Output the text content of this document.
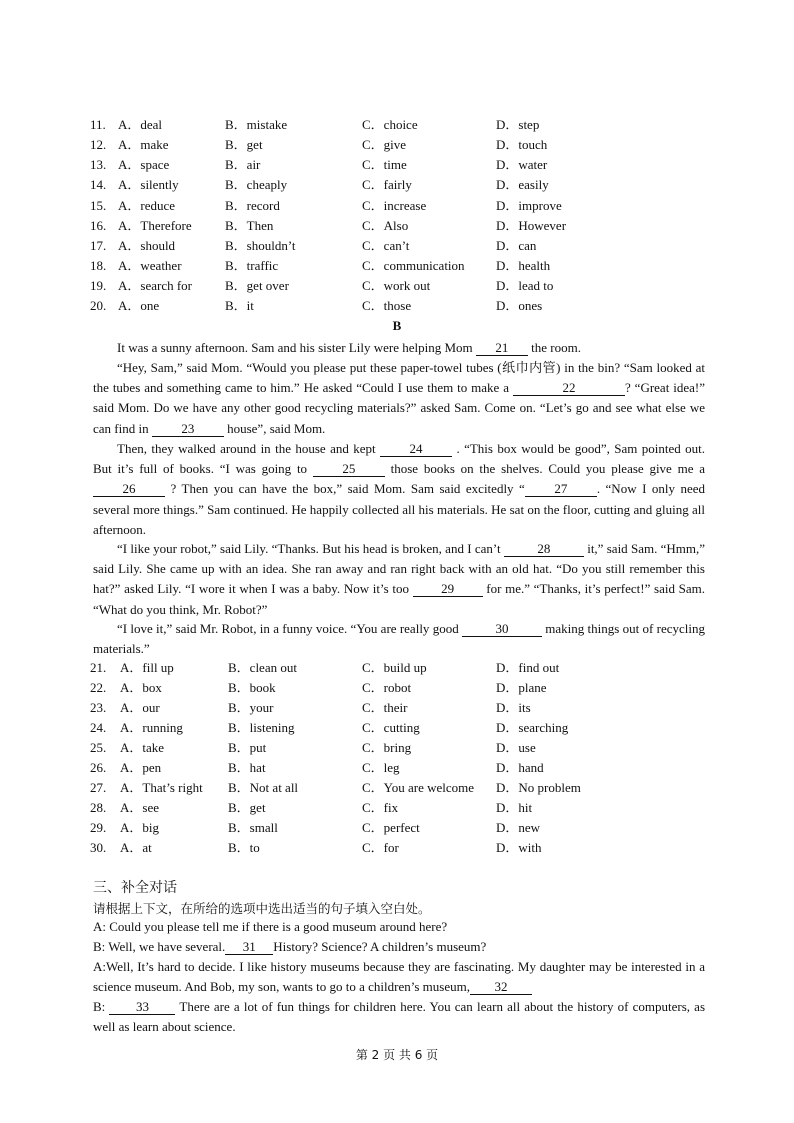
11. A．deal	B．mistake	C．choice	D．step
12. A．make	B．get	C．give	D．touch
13. A．space	B．air	C．time	D．water
14. A．silently	B．cheaply	C．fairly	D．easily
15. A．reduce	B．record	C．increase	D．improve
16. A．Therefore	B．Then	C．Also	D．However
17. A．should	B．shouldn’t	C．can’t	D．can
18. A．weather	B．traffic	C．communication D．health
19. A．search for	B．get over	C．work out	D．lead to
20. A．one	B．it	C．those	D．ones
B
It was a sunny afternoon. Sam and his sister Lily were helping Mom 21 the room.
“Hey, Sam,” said Mom. “Would you please put these paper-towel tubes (纸巾内管) in the bin? “Sam looked at the tubes and something came to him.” He asked “Could I use them to make a	22	? “Great idea!” said Mom. Do we have any other good recycling materials?” asked Sam. Come on. “Let’s go and see what else we can find in	23	house”, said Mom.
Then, they walked around in the house and kept	24	. “This box would be good”, Sam pointed out. But it’s full of books. “I was going to	25	those books on the shelves. Could you please give me a 26	? Then you can have the box,” said Mom. Sam said excitedly “ 27 . “Now I only need several more things.” Sam continued. He happily collected all his materials. He sat on the floor, cutting and gluing all afternoon.
“I like your robot,” said Lily. “Thanks. But his head is broken, and I can’t	28	it,” said Sam. “Hmm,” said Lily. She came up with an idea. She ran away and ran right back with an old hat. “Do you still remember this hat?” asked Lily. “I wore it when I was a baby. Now it’s too 29 for me.” “Thanks, it’s perfect!” said Sam. “What do you think, Mr. Robot?”
“I love it,” said Mr. Robot, in a funny voice. “You are really good	30	making things out of recycling materials.”
21. A．fill up	B．clean out	C．build up	D．find out
22. A．box	B．book	C．robot	D．plane
23. A．our	B．your	C．their	D．its
24. A．running	B．listening	C．cutting	D．searching
25. A．take	B．put	C．bring	D．use
26. A．pen	B．hat	C．leg	D．hand
27. A．That’s right B．Not at all	C．You are welcome D．No problem
28. A．see	B．get	C．fix	D．hit
29. A．big	B．small	C．perfect	D．new
30. A．at	B．to	C．for	D．with
三、补全对话
请根据上下文，在所给的选项中选出适当的句子填入空白处。
A: Could you please tell me if there is a good museum around here?
B: Well, we have several. 31 History? Science? A children’s museum?
A:Well, It’s hard to decide. I like history museums because they are fascinating. My daughter may be interested in a science museum. And Bob, my son, wants to go to a children’s museum, 32
B: 33 There are a lot of fun things for children here. You can learn all about the history of computers, as well as learn about science.
第 2 页 共 6 页
